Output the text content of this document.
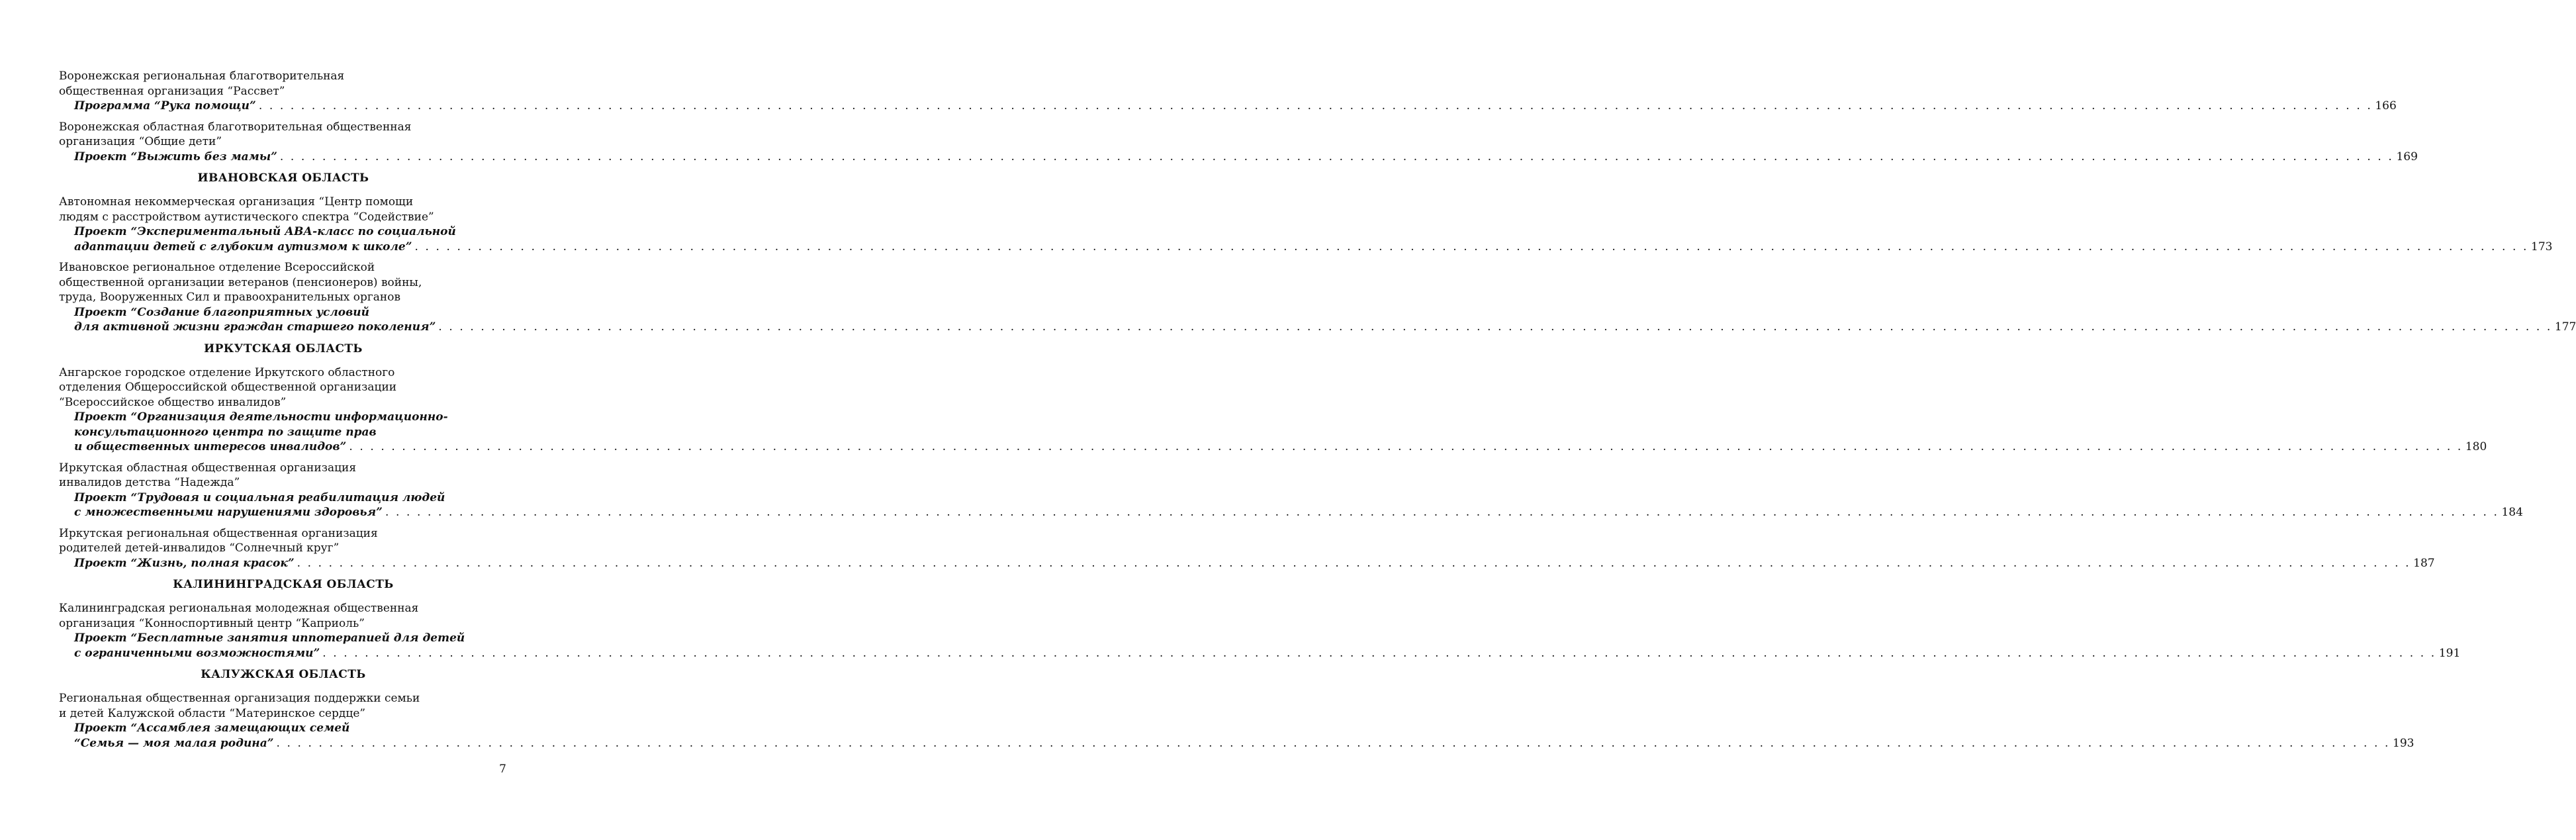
Воронежская региональная благотворительная
общественная организация “Рассвет”
Программа “Рука помощи” . . . . . . . . . . . . . . . . . . . . . . . . . . . . . . . . . . . . . . . . . . . . . . . . . . . . . . . . . . . . . . . . . . . . . . . . . . . . . . . . . . . . . . . . . . . . . . . . . . . . . . . . . . . . . . . . . . . . . . . . . . . . . . . . . . . . . . . . . . . . . . . . . . . . . . . . . . . . . . . . . . . . . . . . . . . . . . . . . . . . . . . . . . . . . . . . . . . . . . . . 166
Воронежская областная благотворительная общественная
организация “Общие дети”
Проект “Выжить без мамы” . . . . . . . . . . . . . . . . . . . . . . . . . . . . . . . . . . . . . . . . . . . . . . . . . . . . . . . . . . . . . . . . . . . . . . . . . . . . . . . . . . . . . . . . . . . . . . . . . . . . . . . . . . . . . . . . . . . . . . . . . . . . . . . . . . . . . . . . . . . . . . . . . . . . . . . . . . . . . . . . . . . . . . . . . . . . . . . . . . . . . . . . . . . . . . . . . . . . . . . . 169
ИВАНОВСКАЯ ОБЛАСТЬ
Автономная некоммерческая организация “Центр помощи
людям с расстройством аутистического спектра “Содействие”
Проект “Экспериментальный АВА-класс по социальной
адаптации детей с глубоким аутизмом к школе” . . . . . . . . . . . . . . . . . . . . . . . . . . . . . . . . . . . . . . . . . . . . . . . . . . . . . . . . . . . . . . . . . . . . . . . . . . . . . . . . . . . . . . . . . . . . . . . . . . . . . . . . . . . . . . . . . . . . . . . . . . . . . . . . . . . . . . . . . . . . . . . . . . . . . . . . . . . . . . . . . . . . . . . . . . . . . . . . . . . . . . . . . . . . . . . . . . . . . . . . 173
Ивановское региональное отделение Всероссийской
общественной организации ветеранов (пенсионеров) войны,
труда, Вооруженных Сил и правоохранительных органов
Проект “Создание благоприятных условий
для активной жизни граждан старшего поколения” . . . . . . . . . . . . . . . . . . . . . . . . . . . . . . . . . . . . . . . . . . . . . . . . . . . . . . . . . . . . . . . . . . . . . . . . . . . . . . . . . . . . . . . . . . . . . . . . . . . . . . . . . . . . . . . . . . . . . . . . . . . . . . . . . . . . . . . . . . . . . . . . . . . . . . . . . . . . . . . . . . . . . . . . . . . . . . . . . . . . . . . . . . . . . . . . . . . . . . . . 177
ИРКУТСКАЯ ОБЛАСТЬ
Ангарское городское отделение Иркутского областного
отделения Общероссийской общественной организации
“Всероссийское общество инвалидов”
Проект “Организация деятельности информационно-
консультационного центра по защите прав
и общественных интересов инвалидов” . . . . . . . . . . . . . . . . . . . . . . . . . . . . . . . . . . . . . . . . . . . . . . . . . . . . . . . . . . . . . . . . . . . . . . . . . . . . . . . . . . . . . . . . . . . . . . . . . . . . . . . . . . . . . . . . . . . . . . . . . . . . . . . . . . . . . . . . . . . . . . . . . . . . . . . . . . . . . . . . . . . . . . . . . . . . . . . . . . . . . . . . . . . . . . . . . . . . . . . . 180
Иркутская областная общественная организация
инвалидов детства “Надежда”
Проект “Трудовая и социальная реабилитация людей
с множественными нарушениями здоровья” . . . . . . . . . . . . . . . . . . . . . . . . . . . . . . . . . . . . . . . . . . . . . . . . . . . . . . . . . . . . . . . . . . . . . . . . . . . . . . . . . . . . . . . . . . . . . . . . . . . . . . . . . . . . . . . . . . . . . . . . . . . . . . . . . . . . . . . . . . . . . . . . . . . . . . . . . . . . . . . . . . . . . . . . . . . . . . . . . . . . . . . . . . . . . . . . . . . . . . . . 184
Иркутская региональная общественная организация
родителей детей-инвалидов “Солнечный круг”
Проект “Жизнь, полная красок” . . . . . . . . . . . . . . . . . . . . . . . . . . . . . . . . . . . . . . . . . . . . . . . . . . . . . . . . . . . . . . . . . . . . . . . . . . . . . . . . . . . . . . . . . . . . . . . . . . . . . . . . . . . . . . . . . . . . . . . . . . . . . . . . . . . . . . . . . . . . . . . . . . . . . . . . . . . . . . . . . . . . . . . . . . . . . . . . . . . . . . . . . . . . . . . . . . . . . . . . 187
КАЛИНИНГРАДСКАЯ ОБЛАСТЬ
Калининградская региональная молодежная общественная
организация “Конноспортивный центр “Каприоль”
Проект “Бесплатные занятия иппотерапией для детей
с ограниченными возможностями” . . . . . . . . . . . . . . . . . . . . . . . . . . . . . . . . . . . . . . . . . . . . . . . . . . . . . . . . . . . . . . . . . . . . . . . . . . . . . . . . . . . . . . . . . . . . . . . . . . . . . . . . . . . . . . . . . . . . . . . . . . . . . . . . . . . . . . . . . . . . . . . . . . . . . . . . . . . . . . . . . . . . . . . . . . . . . . . . . . . . . . . . . . . . . . . . . . . . . . . . 191
КАЛУЖСКАЯ ОБЛАСТЬ
Региональная общественная организация поддержки семьи
и детей Калужской области “Материнское сердце”
Проект “Ассамблея замещающих семей
“Семья — моя малая родина” . . . . . . . . . . . . . . . . . . . . . . . . . . . . . . . . . . . . . . . . . . . . . . . . . . . . . . . . . . . . . . . . . . . . . . . . . . . . . . . . . . . . . . . . . . . . . . . . . . . . . . . . . . . . . . . . . . . . . . . . . . . . . . . . . . . . . . . . . . . . . . . . . . . . . . . . . . . . . . . . . . . . . . . . . . . . . . . . . . . . . . . . . . . . . . . . . . . . . . . . 193
7
